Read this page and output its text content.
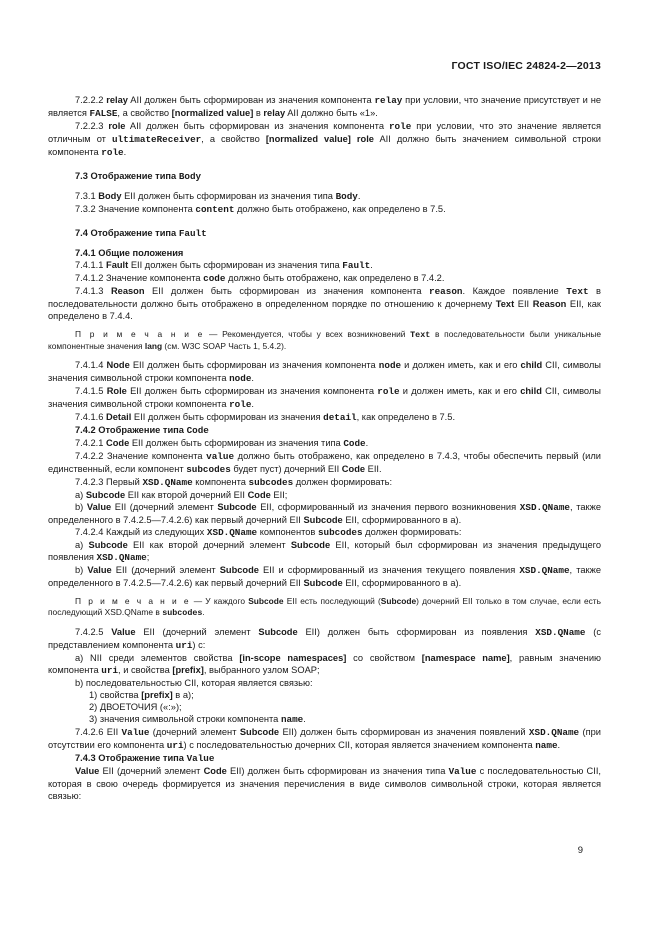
ГОСТ ISO/IEC 24824-2—2013

7.2.2.2 relay AII должен быть сформирован из значения компонента relay при условии, что значение присутствует и не является FALSE, а свойство [normalized value] в relay AII должно быть «1».

7.2.2.3 role AII должен быть сформирован из значения компонента role при условии, что это значение является отличным от ultimateReceiver, а свойство [normalized value] role AII должно быть значением символьной строки компонента role.

7.3 Отображение типа Body

7.3.1 Body EII должен быть сформирован из значения типа Body.

7.3.2 Значение компонента content должно быть отображено, как определено в 7.5.

7.4 Отображение типа Fault

7.4.1 Общие положения

7.4.1.1 Fault EII должен быть сформирован из значения типа Fault.

7.4.1.2 Значение компонента code должно быть отображено, как определено в 7.4.2.

7.4.1.3 Reason EII должен быть сформирован из значения компонента reason. Каждое появление Text в последовательности должно быть отображено в определенном порядке по отношению к дочернему Text EII Reason EII, как определено в 7.4.4.

П р и м е ч а н и е — Рекомендуется, чтобы у всех возникновений Text в последовательности были уникальные компонентные значения lang (см. W3C SOAP Часть 1, 5.4.2).

7.4.1.4 Node EII должен быть сформирован из значения компонента node и должен иметь, как и его child CII, символы значения символьной строки компонента node.

7.4.1.5 Role EII должен быть сформирован из значения компонента role и должен иметь, как и его child CII, символы значения символьной строки компонента role.

7.4.1.6 Detail EII должен быть сформирован из значения detail, как определено в 7.5.

7.4.2 Отображение типа Code

7.4.2.1 Code EII должен быть сформирован из значения типа Code.

7.4.2.2 Значение компонента value должно быть отображено, как определено в 7.4.3, чтобы обеспечить первый (или единственный, если компонент subcodes будет пуст) дочерний EII Code EII.

7.4.2.3 Первый XSD.QName компонента subcodes должен формировать:

a) Subcode EII как второй дочерний EII Code EII;

b) Value EII (дочерний элемент Subcode EII, сформированный из значения первого возникновения XSD.QName, также определенного в 7.4.2.5—7.4.2.6) как первый дочерний EII Subcode EII, сформированного в a).

7.4.2.4 Каждый из следующих XSD.QName компонентов subcodes должен формировать:

a) Subcode EII как второй дочерний элемент Subcode EII, который был сформирован из значения предыдущего появления XSD.QName;

b) Value EII (дочерний элемент Subcode EII и сформированный из значения текущего появления XSD.QName, также определенного в 7.4.2.5—7.4.2.6) как первый дочерний EII Subcode EII, сформированного в a).

П р и м е ч а н и е — У каждого Subcode EII есть последующий (Subcode) дочерний EII только в том случае, если есть последующий XSD.QName в subcodes.

7.4.2.5 Value EII (дочерний элемент Subcode EII) должен быть сформирован из появления XSD.QName (с представлением компонента uri) с:

a) NII среди элементов свойства [in-scope namespaces] со свойством [namespace name], равным значению компонента uri, и свойства [prefix], выбранного узлом SOAP;

b) последовательностью CII, которая является связью:

1) свойства [prefix] в a);

2) ДВОЕТОЧИЯ («:»);

3) значения символьной строки компонента name.

7.4.2.6 EII Value (дочерний элемент Subcode EII) должен быть сформирован из значения появлений XSD.QName (при отсутствии его компонента uri) с последовательностью дочерних CII, которая является значением компонента name.

7.4.3 Отображение типа Value

Value EII (дочерний элемент Code EII) должен быть сформирован из значения типа Value с последовательностью CII, которая в свою очередь формируется из значения перечисления в виде символов символьной строки, которая является связью:

9
